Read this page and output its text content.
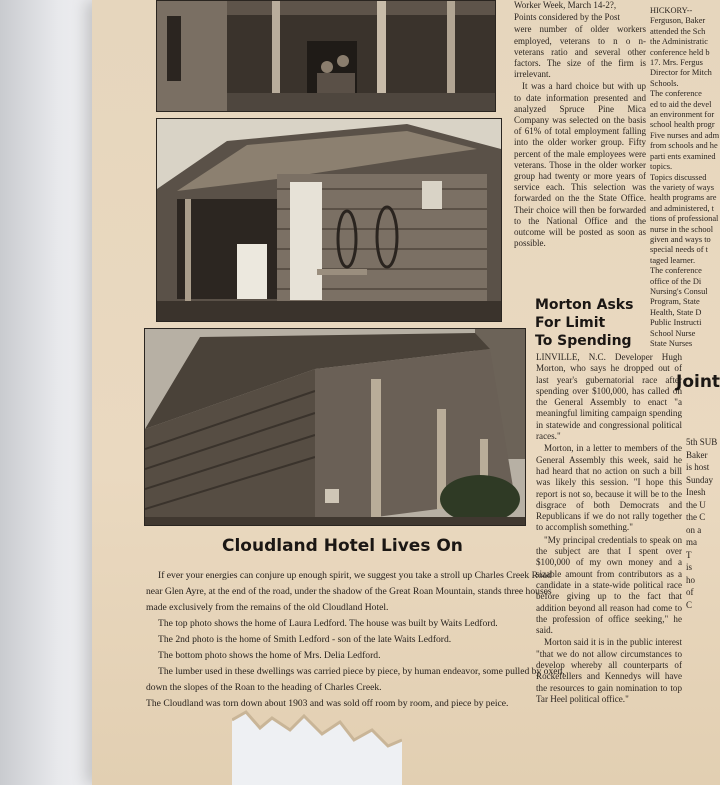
Worker Week, March 14-2?,

Points considered by the Post

were number of older workers employed, veterans to n o n-veterans ratio and several other factors. The size of the firm is irrelevant.

It was a hard choice but with up to date information presented and analyzed Spruce Pine Mica Company was selected on the basis of 61% of total employment falling into the older worker group. Fifty percent of the male employees were veterans. Those in the older worker group had twenty or more years of service each. This selection was forwarded on the the State Office. Their choice will then be forwarded to the National Office and the outcome will be posted as soon as possible.

HICKORY--
Ferguson, Baker
attended the Sch
the Administratic
conference held b
17. Mrs. Fergus
Director for Mitch
Schools.
The conference
ed to aid the devel
an environment for
school health progr
Five nurses and adm
from schools and he
parti ents examined
topics.
Topics discussed
the variety of ways
health programs are
and administered, t
tions of professional
nurse in the school
given and ways to
special needs of t
taged learner.
The conference
office of the Di
Nursing's Consul
Program, State
Health, State D
Public Instructi
School Nurse
State Nurses
Morton Asks
For Limit
To Spending

LINVILLE, N.C. Developer Hugh Morton, who says he dropped out of last year's gubernatorial race after spending over $100,000, has called on the General Assembly to enact "a meaningful limiting campaign spending in statewide and congressional political races."

Morton, in a letter to members of the General Assembly this week, said he had heard that no action on such a bill was likely this session. "I hope this report is not so, because it will be to the disgrace of both Democrats and Republicans if we do not rally together to accomplish something."

"My principal credentials to speak on the subject are that I spent over $100,000 of my own money and a sizable amount from contributors as a candidate in a state-wide political race before giving up to the fact that addition beyond all reason had come to the profession of office seeking," he said.

Morton said it is in the public interest "that we do not allow circumstances to develop whereby all counterparts of Rockefellers and Kennedys will have the resources to gain nomination to top Tar Heel political office."

Joint
5th SUB
Baker
is host
Sunday
Inesh
the U
the C
on a
ma
T
is
ho
of
C
Cloudland Hotel Lives On

If ever your energies can conjure up enough spirit, we suggest you take a stroll up Charles Creek Road near Glen Ayre, at the end of the road, under the shadow of the Great Roan Mountain, stands three houses made exclusively from the remains of the old Cloudland Hotel.

The top photo shows the home of Laura Ledford. The house was built by Waits Ledford.

The 2nd photo is the home of Smith Ledford - son of the late Waits Ledford.

The bottom photo shows the home of Mrs. Delia Ledford.

The lumber used in these dwellings was carried piece by piece, by human endeavor, some pulled by oxen, down the slopes of the Roan to the heading of Charles Creek.

The Cloudland was torn down about 1903 and was sold off room by room, and piece by peice.
